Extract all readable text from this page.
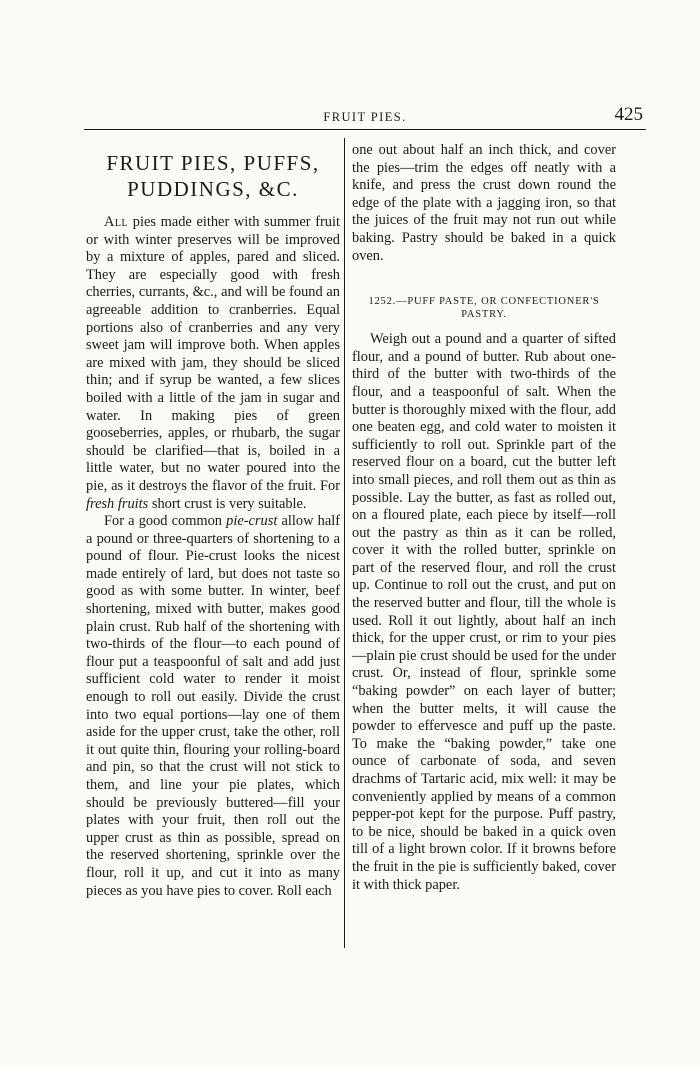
FRUIT PIES.	425
FRUIT PIES, PUFFS, PUDDINGS, &C.

All pies made either with summer fruit or with winter preserves will be improved by a mixture of apples, pared and sliced. They are especially good with fresh cherries, currants, &c., and will be found an agreeable addition to cranberries. Equal portions also of cranberries and any very sweet jam will improve both. When apples are mixed with jam, they should be sliced thin; and if syrup be wanted, a few slices boiled with a little of the jam in sugar and water. In making pies of green gooseberries, apples, or rhubarb, the sugar should be clarified—that is, boiled in a little water, but no water poured into the pie, as it destroys the flavor of the fruit. For fresh fruits short crust is very suitable.

For a good common pie-crust allow half a pound or three-quarters of shortening to a pound of flour. Pie-crust looks the nicest made entirely of lard, but does not taste so good as with some butter. In winter, beef shortening, mixed with butter, makes good plain crust. Rub half of the shortening with two-thirds of the flour—to each pound of flour put a teaspoonful of salt and add just sufficient cold water to render it moist enough to roll out easily. Divide the crust into two equal portions—lay one of them aside for the upper crust, take the other, roll it out quite thin, flouring your rolling-board and pin, so that the crust will not stick to them, and line your pie plates, which should be previously buttered—fill your plates with your fruit, then roll out the upper crust as thin as possible, spread on the reserved shortening, sprinkle over the flour, roll it up, and cut it into as many pieces as you have pies to cover. Roll each

one out about half an inch thick, and cover the pies—trim the edges off neatly with a knife, and press the crust down round the edge of the plate with a jagging iron, so that the juices of the fruit may not run out while baking. Pastry should be baked in a quick oven.

1252.—PUFF PASTE, OR CONFECTIONER'S PASTRY.

Weigh out a pound and a quarter of sifted flour, and a pound of butter. Rub about one-third of the butter with two-thirds of the flour, and a teaspoonful of salt. When the butter is thoroughly mixed with the flour, add one beaten egg, and cold water to moisten it sufficiently to roll out. Sprinkle part of the reserved flour on a board, cut the butter left into small pieces, and roll them out as thin as possible. Lay the butter, as fast as rolled out, on a floured plate, each piece by itself—roll out the pastry as thin as it can be rolled, cover it with the rolled butter, sprinkle on part of the reserved flour, and roll the crust up. Continue to roll out the crust, and put on the reserved butter and flour, till the whole is used. Roll it out lightly, about half an inch thick, for the upper crust, or rim to your pies—plain pie crust should be used for the under crust. Or, instead of flour, sprinkle some “baking powder” on each layer of butter; when the butter melts, it will cause the powder to effervesce and puff up the paste. To make the “baking powder,” take one ounce of carbonate of soda, and seven drachms of Tartaric acid, mix well: it may be conveniently applied by means of a common pepper-pot kept for the purpose. Puff pastry, to be nice, should be baked in a quick oven till of a light brown color. If it browns before the fruit in the pie is sufficiently baked, cover it with thick paper.
